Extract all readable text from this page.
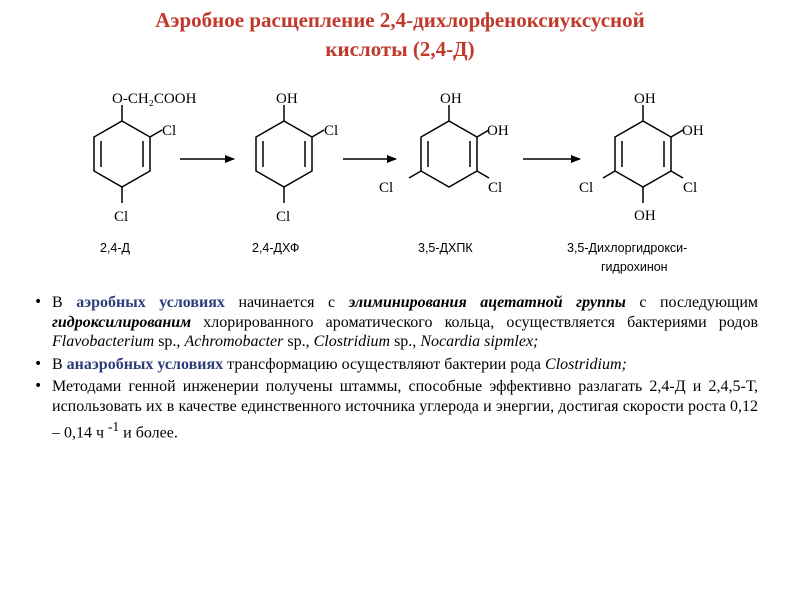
Аэробное расщепление 2,4-дихлорфеноксиуксусной
кислоты (2,4-Д)
O-CH₂COOH
Cl
Cl
2,4-Д
OH
Cl
Cl
2,4-ДХФ
OH
OH
Cl
Cl
3,5-ДХПК
OH
OH
Cl
Cl
OH
3,5-Дихлоргидрокси-
гидрохинон
• В аэробных условиях начинается с элиминирования ацетатной группы с последующим гидроксилированим хлорированного ароматического кольца, осуществляется бактериями родов Flavobacterium sp., Achromobacter sp., Clostridium sp., Nocardia sipmlex;
• В анаэробных условиях трансформацию осуществляют бактерии рода Clostridium;
• Методами генной инженерии получены штаммы, способные эффективно разлагать 2,4-Д и 2,4,5-Т, использовать их в качестве единственного источника углерода и энергии, достигая скорости роста 0,12 – 0,14 ч $^{-1}$ и более.
